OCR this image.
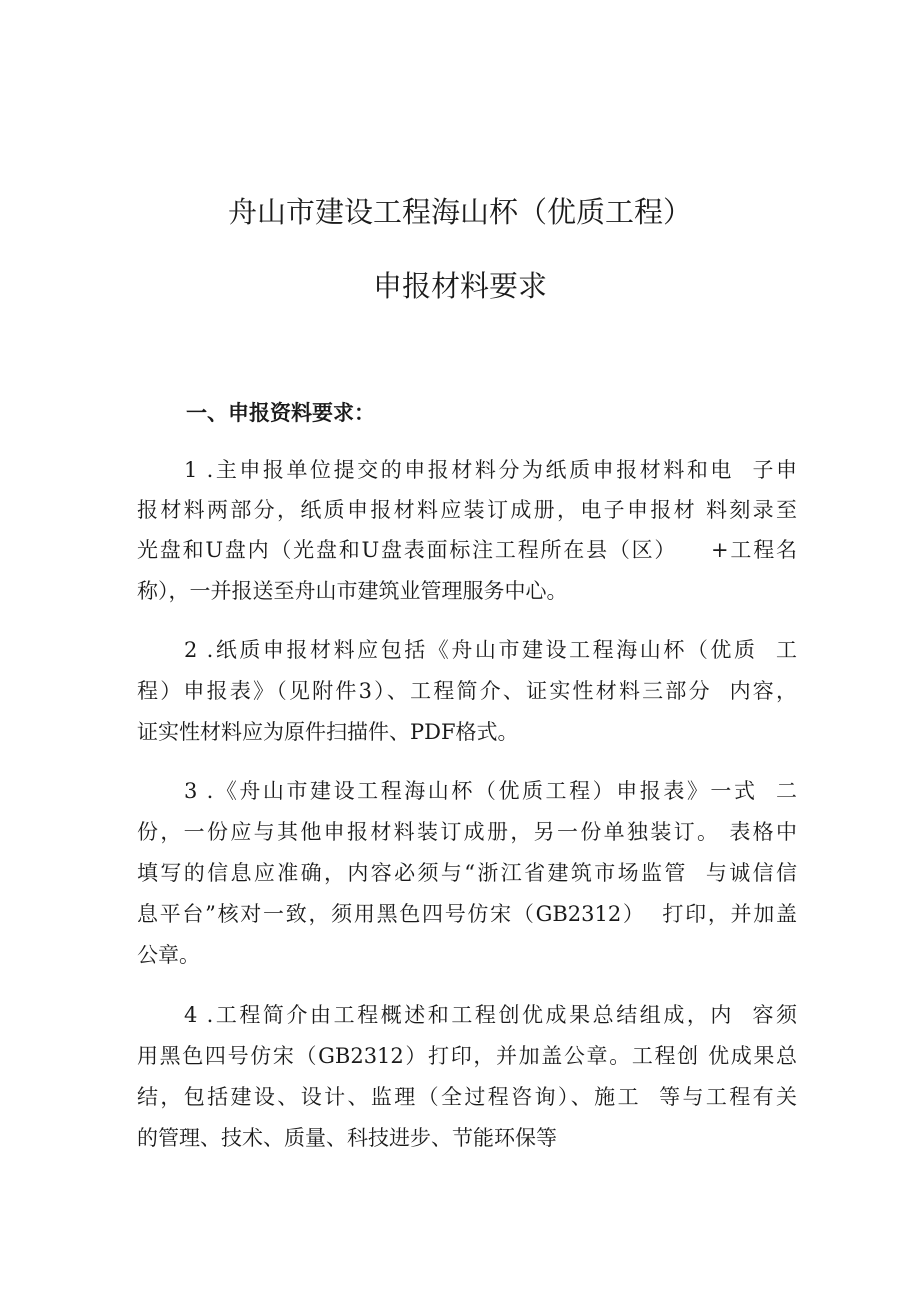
舟山市建设工程海山杯（优质工程）
申报材料要求
一、申报资料要求：
1 .主申报单位提交的申报材料分为纸质申报材料和电  子申
报材料两部分，纸质申报材料应装订成册，电子申报材 料刻录至
光盘和U盘内（光盘和U盘表面标注工程所在县（区）    +工程名
称），一并报送至舟山市建筑业管理服务中心。
2 .纸质申报材料应包括《舟山市建设工程海山杯（优质  工
程）申报表》（见附件3）、工程简介、证实性材料三部分  内容，
证实性材料应为原件扫描件、PDF格式。
3 .《舟山市建设工程海山杯（优质工程）申报表》一式  二
份，一份应与其他申报材料装订成册，另一份单独装订。 表格中
填写的信息应准确，内容必须与“浙江省建筑市场监管  与诚信信
息平台”核对一致，须用黑色四号仿宋（GB2312）  打印，并加盖
公章。
4 .工程简介由工程概述和工程创优成果总结组成，内  容须
用黑色四号仿宋（GB2312）打印，并加盖公章。工程创 优成果总
结，包括建设、设计、监理（全过程咨询）、施工  等与工程有关
的管理、技术、质量、科技进步、节能环保等
